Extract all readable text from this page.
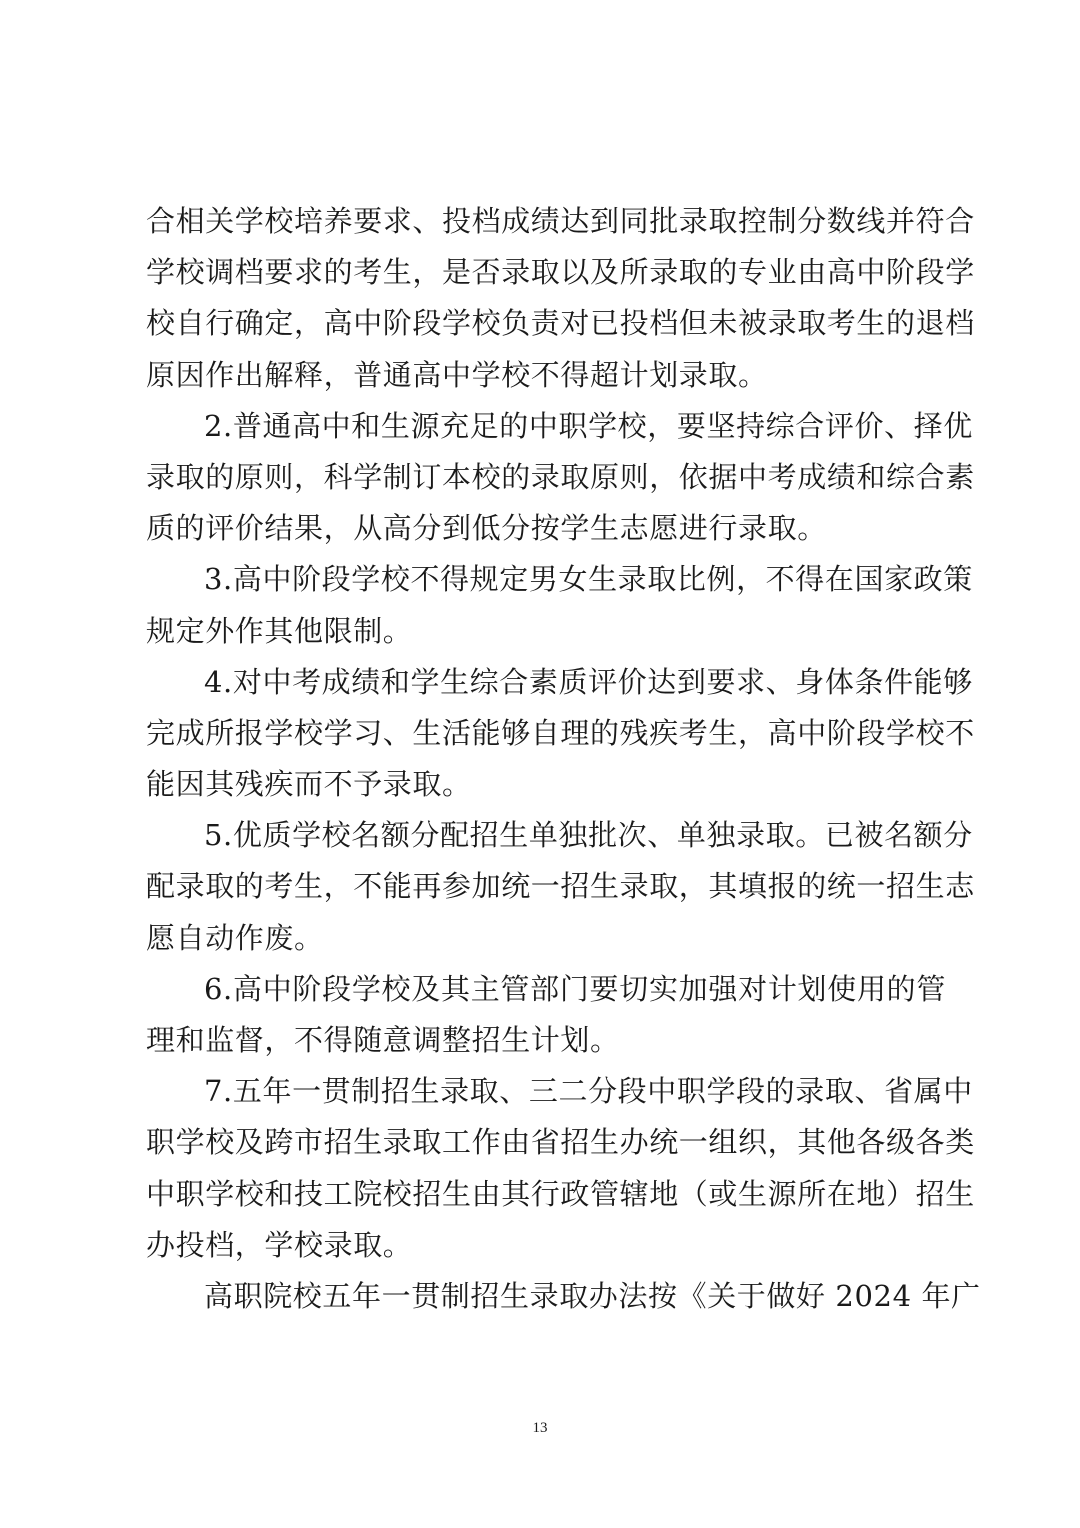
合相关学校培养要求、投档成绩达到同批录取控制分数线并符合
学校调档要求的考生，是否录取以及所录取的专业由高中阶段学
校自行确定，高中阶段学校负责对已投档但未被录取考生的退档
原因作出解释，普通高中学校不得超计划录取。
2.普通高中和生源充足的中职学校，要坚持综合评价、择优
录取的原则，科学制订本校的录取原则，依据中考成绩和综合素
质的评价结果，从高分到低分按学生志愿进行录取。
3.高中阶段学校不得规定男女生录取比例，不得在国家政策
规定外作其他限制。
4.对中考成绩和学生综合素质评价达到要求、身体条件能够
完成所报学校学习、生活能够自理的残疾考生，高中阶段学校不
能因其残疾而不予录取。
5.优质学校名额分配招生单独批次、单独录取。已被名额分
配录取的考生，不能再参加统一招生录取，其填报的统一招生志
愿自动作废。
6.高中阶段学校及其主管部门要切实加强对计划使用的管
理和监督，不得随意调整招生计划。
7.五年一贯制招生录取、三二分段中职学段的录取、省属中
职学校及跨市招生录取工作由省招生办统一组织，其他各级各类
中职学校和技工院校招生由其行政管辖地（或生源所在地）招生
办投档，学校录取。
高职院校五年一贯制招生录取办法按《关于做好 2024 年广
13
